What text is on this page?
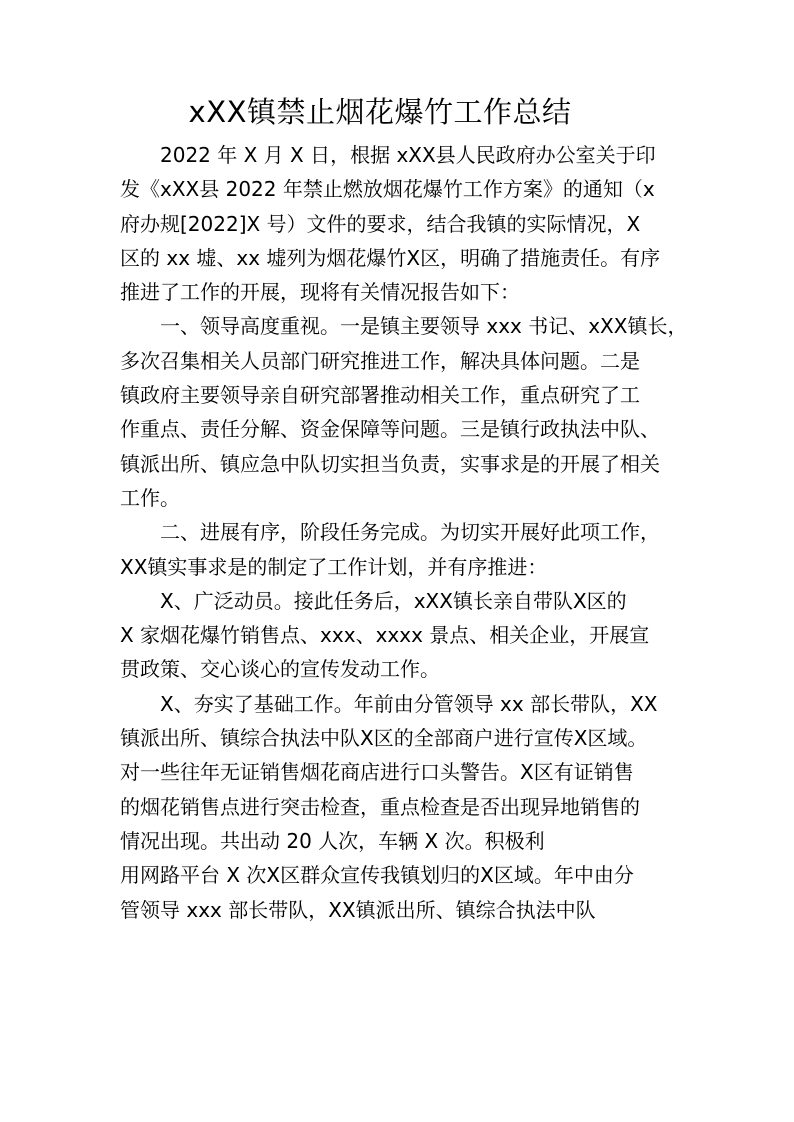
xXX镇禁止烟花爆竹工作总结
2022 年 X 月 X 日，根据 xXX县人民政府办公室关于印
发《xXX县 2022 年禁止燃放烟花爆竹工作方案》的通知（x
府办规[2022]X 号）文件的要求，结合我镇的实际情况，X
区的 xx 墟、xx 墟列为烟花爆竹X区，明确了措施责任。有序
推进了工作的开展，现将有关情况报告如下：
一、领导高度重视。一是镇主要领导 xxx 书记、xXX镇长，
多次召集相关人员部门研究推进工作，解决具体问题。二是
镇政府主要领导亲自研究部署推动相关工作，重点研究了工
作重点、责任分解、资金保障等问题。三是镇行政执法中队、
镇派出所、镇应急中队切实担当负责，实事求是的开展了相关
工作。
二、进展有序，阶段任务完成。为切实开展好此项工作，
XX镇实事求是的制定了工作计划，并有序推进：
X、广泛动员。接此任务后，xXX镇长亲自带队X区的
X 家烟花爆竹销售点、xxx、xxxx 景点、相关企业，开展宣
贯政策、交心谈心的宣传发动工作。
X、夯实了基础工作。年前由分管领导 xx 部长带队，XX
镇派出所、镇综合执法中队X区的全部商户进行宣传X区域。
对一些往年无证销售烟花商店进行口头警告。X区有证销售
的烟花销售点进行突击检查，重点检查是否出现异地销售的
情况出现。共出动 20 人次，车辆 X 次。积极利
用网路平台 X 次X区群众宣传我镇划归的X区域。年中由分
管领导 xxx 部长带队，XX镇派出所、镇综合执法中队
